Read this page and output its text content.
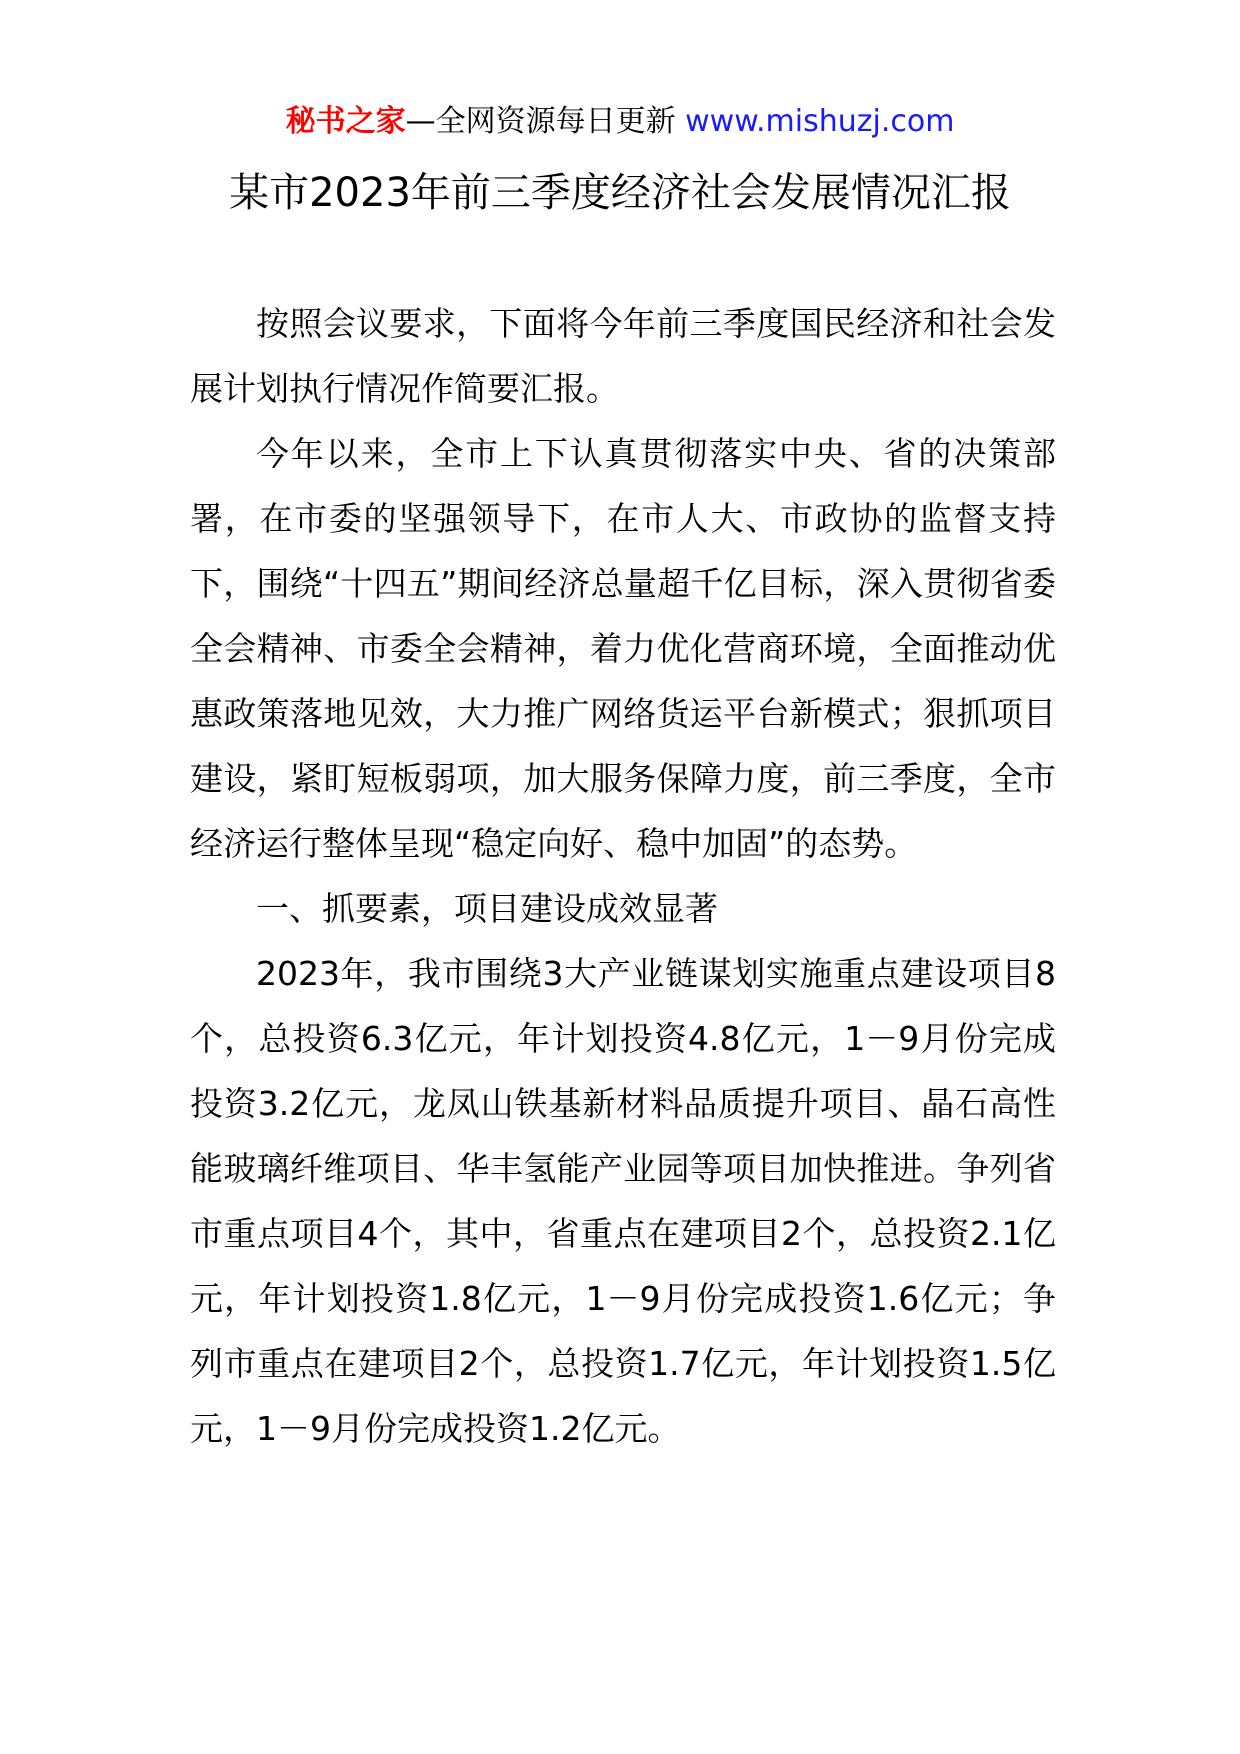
秘书之家—全网资源每日更新 www.mishuzj.com
某市2023年前三季度经济社会发展情况汇报

按照会议要求，下面将今年前三季度国民经济和社会发展计划执行情况作简要汇报。

今年以来，全市上下认真贯彻落实中央、省的决策部署，在市委的坚强领导下，在市人大、市政协的监督支持下，围绕“十四五”期间经济总量超千亿目标，深入贯彻省委全会精神、市委全会精神，着力优化营商环境，全面推动优惠政策落地见效，大力推广网络货运平台新模式；狠抓项目建设，紧盯短板弱项，加大服务保障力度，前三季度，全市经济运行整体呈现“稳定向好、稳中加固”的态势。

一、抓要素，项目建设成效显著

2023年，我市围绕3大产业链谋划实施重点建设项目8个，总投资6.3亿元，年计划投资4.8亿元，1－9月份完成投资3.2亿元，龙凤山铁基新材料品质提升项目、晶石高性能玻璃纤维项目、华丰氢能产业园等项目加快推进。争列省市重点项目4个，其中，省重点在建项目2个，总投资2.1亿元，年计划投资1.8亿元，1－9月份完成投资1.6亿元；争列市重点在建项目2个，总投资1.7亿元，年计划投资1.5亿元，1－9月份完成投资1.2亿元。
